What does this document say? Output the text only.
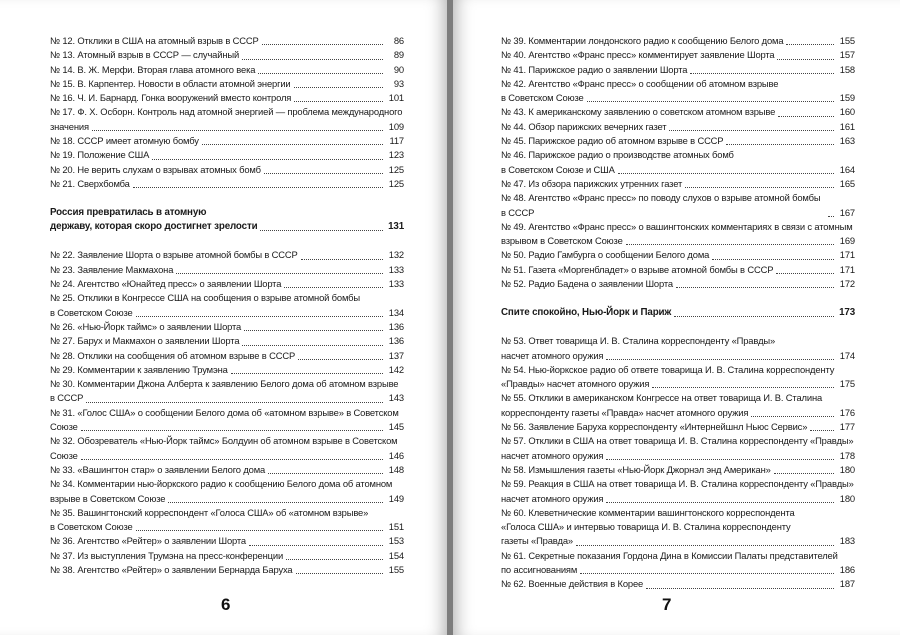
№ 12. Отклики в США на атомный взрыв в СССР	86
№ 13. Атомный взрыв в СССР — случайный	89
№ 14. В. Ж. Мерфи. Вторая глава атомного века	90
№ 15. В. Карпентер. Новости в области атомной энергии	93
№ 16. Ч. И. Барнард. Гонка вооружений вместо контроля	101
№ 17. Ф. Х. Осборн. Контроль над атомной энергией — проблема международного
значения	109
№ 18. СССР имеет атомную бомбу	117
№ 19. Положение США	123
№ 20. Не верить слухам о взрывах атомных бомб	125
№ 21. Сверхбомба	125
Россия превратилась в атомную
державу, которая скоро достигнет зрелости	131
№ 22. Заявление Шорта о взрыве атомной бомбы в СССР	132
№ 23. Заявление Макмахона	133
№ 24. Агентство «Юнайтед пресс» о заявлении Шорта	133
№ 25. Отклики в Конгрессе США на сообщения о взрыве атомной бомбы
в Советском Союзе	134
№ 26. «Нью-Йорк таймс» о заявлении Шорта	136
№ 27. Барух и Макмахон о заявлении Шорта	136
№ 28. Отклики на сообщения об атомном взрыве в СССР	137
№ 29. Комментарии к заявлению Трумэна	142
№ 30. Комментарии Джона Алберта к заявлению Белого дома об атомном взрыве
в СССР	143
№ 31. «Голос США» о сообщении Белого дома об «атомном взрыве» в Советском
Союзе	145
№ 32. Обозреватель «Нью-Йорк таймс» Болдуин об атомном взрыве в Советском
Союзе	146
№ 33. «Вашингтон стар» о заявлении Белого дома	148
№ 34. Комментарии нью-йоркского радио к сообщению Белого дома об атомном
взрыве в Советском Союзе	149
№ 35. Вашингтонский корреспондент «Голоса США» об «атомном взрыве»
в Советском Союзе	151
№ 36. Агентство «Рейтер» о заявлении Шорта	153
№ 37. Из выступления Трумэна на пресс-конференции	154
№ 38. Агентство «Рейтер» о заявлении Бернарда Баруха	155
6
№ 39. Комментарии лондонского радио к сообщению Белого дома	155
№ 40. Агентство «Франс пресс» комментирует заявление Шорта	157
№ 41. Парижское радио о заявлении Шорта	158
№ 42. Агентство «Франс пресс» о сообщении об атомном взрыве
в Советском Союзе	159
№ 43. К американскому заявлению о советском атомном взрыве	160
№ 44. Обзор парижских вечерних газет	161
№ 45. Парижское радио об атомном взрыве в СССР	163
№ 46. Парижское радио о производстве атомных бомб
в Советском Союзе и США	164
№ 47. Из обзора парижских утренних газет	165
№ 48. Агентство «Франс пресс» по поводу слухов о взрыве атомной бомбы в СССР	167
№ 49. Агентство «Франс пресс» о вашингтонских комментариях в связи с атомным
взрывом в Советском Союзе	169
№ 50. Радио Гамбурга о сообщении Белого дома	171
№ 51. Газета «Моргенбладет» о взрыве атомной бомбы в СССР	171
№ 52. Радио Бадена о заявлении Шорта	172
Спите спокойно, Нью-Йорк и Париж	173
№ 53. Ответ товарища И. В. Сталина корреспонденту «Правды»
насчет атомного оружия	174
№ 54. Нью-йоркское радио об ответе товарища И. В. Сталина корреспонденту
«Правды» насчет атомного оружия	175
№ 55. Отклики в американском Конгрессе на ответ товарища И. В. Сталина
корреспонденту газеты «Правда» насчет атомного оружия	176
№ 56. Заявление Баруха корреспонденту «Интернейшнл Ньюс Сервис»	177
№ 57. Отклики в США на ответ товарища И. В. Сталина корреспонденту «Правды»
насчет атомного оружия	178
№ 58. Измышления газеты «Нью-Йорк Джорнэл энд Американ»	180
№ 59. Реакция в США на ответ товарища И. В. Сталина корреспонденту «Правды»
насчет атомного оружия	180
№ 60. Клеветнические комментарии вашингтонского корреспондента
«Голоса США» и интервью товарища И. В. Сталина корреспонденту
газеты «Правда»	183
№ 61. Секретные показания Гордона Дина в Комиссии Палаты представителей
по ассигнованиям	186
№ 62. Военные действия в Корее	187
7
